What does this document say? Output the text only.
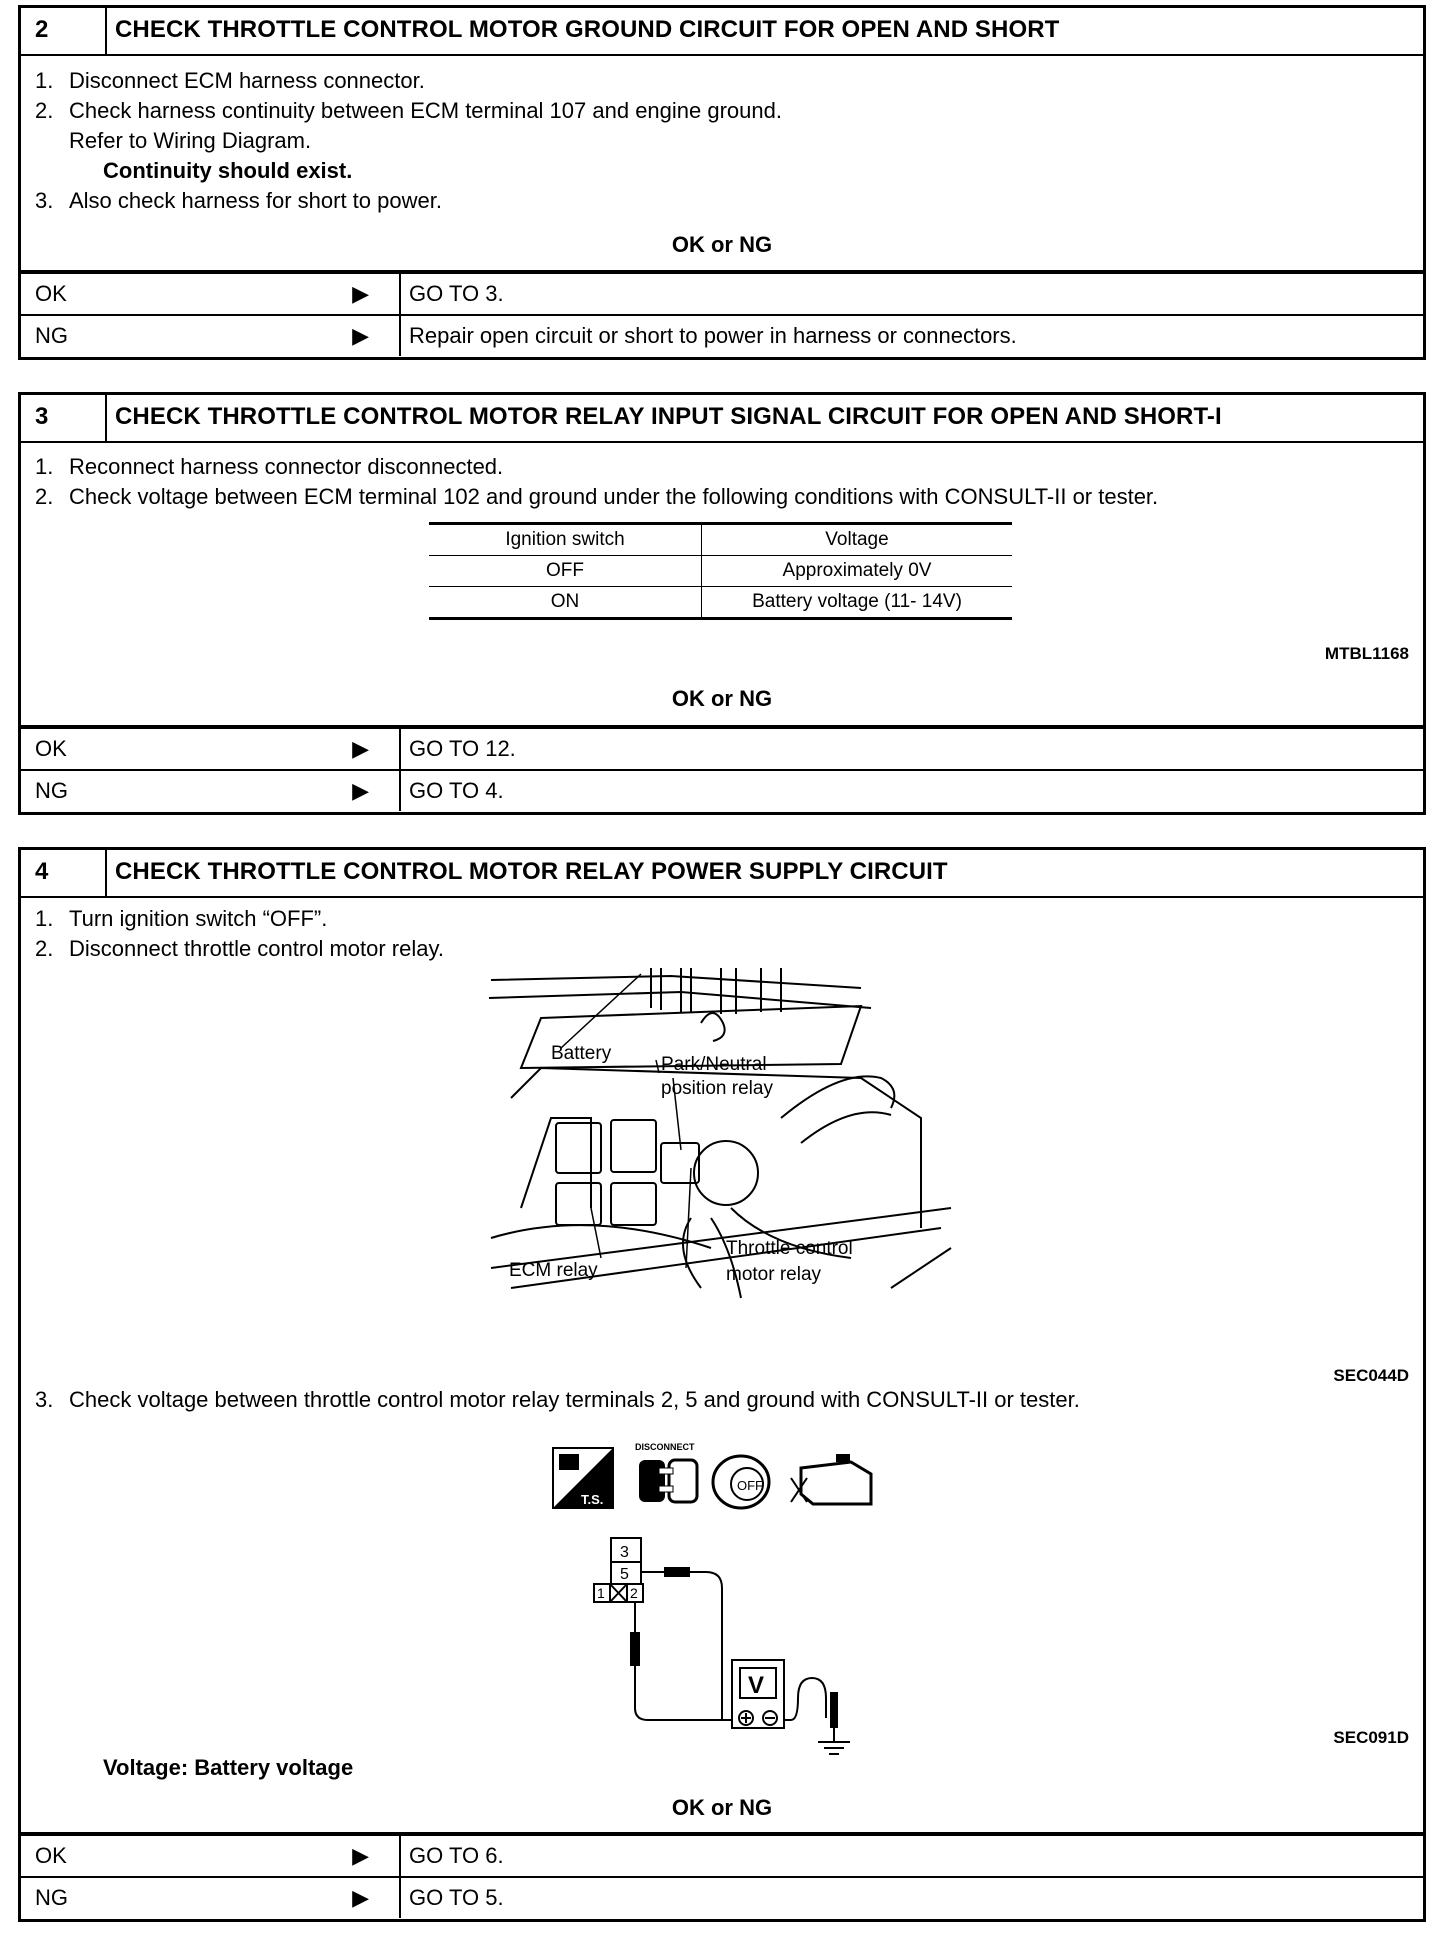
2	CHECK THROTTLE CONTROL MOTOR GROUND CIRCUIT FOR OPEN AND SHORT
1. Disconnect ECM harness connector.
2. Check harness continuity between ECM terminal 107 and engine ground.
Refer to Wiring Diagram.
Continuity should exist.
3. Also check harness for short to power.
OK or NG
OK	▶	GO TO 3.
NG	▶	Repair open circuit or short to power in harness or connectors.
3	CHECK THROTTLE CONTROL MOTOR RELAY INPUT SIGNAL CIRCUIT FOR OPEN AND SHORT-I
1. Reconnect harness connector disconnected.
2. Check voltage between ECM terminal 102 and ground under the following conditions with CONSULT-II or tester.
Ignition switch	Voltage
OFF	Approximately 0V
ON	Battery voltage (11- 14V)
MTBL1168
OK or NG
OK	▶	GO TO 12.
NG	▶	GO TO 4.
4	CHECK THROTTLE CONTROL MOTOR RELAY POWER SUPPLY CIRCUIT
1. Turn ignition switch “OFF”.
2. Disconnect throttle control motor relay.
Battery
Park/Neutral
position relay
Throttle control
motor relay
ECM relay
SEC044D
3. Check voltage between throttle control motor relay terminals 2, 5 and ground with CONSULT-II or tester.
T.S.
DISCONNECT
OFF
3
5
1 2
V
SEC091D
Voltage: Battery voltage
OK or NG
OK	▶	GO TO 6.
NG	▶	GO TO 5.
